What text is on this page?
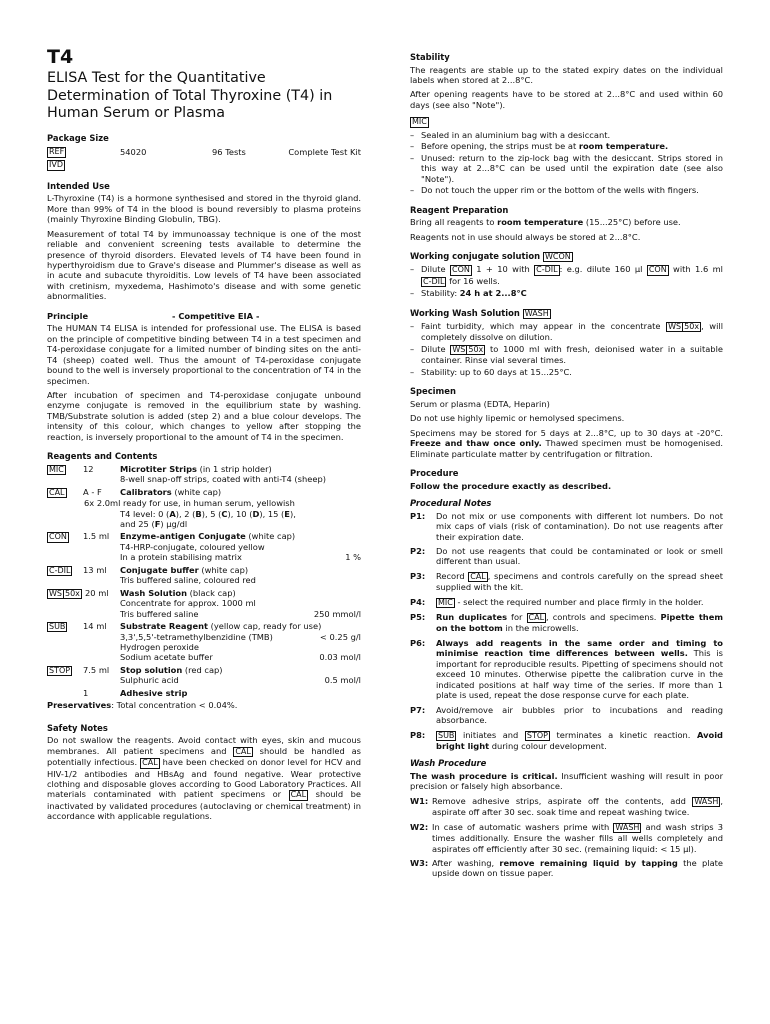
T4
ELISA Test for the Quantitative Determination of Total Thyroxine (T4) in Human Serum or Plasma
Package Size
REF	54020	96 Tests	Complete Test Kit
IVD
Intended Use

L-Thyroxine (T4) is a hormone synthesised and stored in the thyroid gland. More than 99% of T4 in the blood is bound reversibly to plasma proteins (mainly Thyroxine Binding Globulin, TBG).

Measurement of total T4 by immunoassay technique is one of the most reliable and convenient screening tests available to determine the presence of thyroid disorders. Elevated levels of T4 have been found in hyperthyroidism due to Grave's disease and Plummer's disease as well as in acute and subacute thyroiditis. Low levels of T4 have been associated with cretinism, myxedema, Hashimoto's disease and with some genetic abnormalities.

Principle	- Competitive EIA -

The HUMAN T4 ELISA is intended for professional use. The ELISA is based on the principle of competitive binding between T4 in a test specimen and T4-peroxidase conjugate for a limited number of binding sites on the anti-T4 (sheep) coated well. Thus the amount of T4-peroxidase conjugate bound to the well is inversely proportional to the concentration of T4 in the specimen.

After incubation of specimen and T4-peroxidase conjugate unbound enzyme conjugate is removed in the equilibrium state by washing. TMB/Substrate solution is added (step 2) and a blue colour develops. The intensity of this colour, which changes to yellow after stopping the reaction, is inversely proportional to the amount of T4 in the specimen.

Reagents and Contents
MIC	12	Microtiter Strips (in 1 strip holder)
8-well snap-off strips, coated with anti-T4 (sheep)
CAL	A - F	Calibrators (white cap)
6x 2.0ml ready for use, in human serum, yellowish
T4 level: 0 (A), 2 (B), 5 (C), 10 (D), 15 (E),
and 25 (F) µg/dl
CON	1.5 ml	Enzyme-antigen Conjugate (white cap)
T4-HRP-conjugate, coloured yellow
In a protein stabilising matrix	1 %
C-DIL	13 ml	Conjugate buffer (white cap)
Tris buffered saline, coloured red
WS 50x 20 ml	Wash Solution (black cap)
Concentrate for approx. 1000 ml
Tris buffered saline	250 mmol/l
SUB	14 ml	Substrate Reagent (yellow cap, ready for use)

3,3',5,5'-tetramethylbenzidine (TMB)	< 0.25 g/l
Hydrogen peroxide
Sodium acetate buffer	0.03 mol/l
STOP	7.5 ml	Stop solution (red cap)

Sulphuric acid	0.5 mol/l
1	Adhesive strip
Preservatives: Total concentration < 0.04%.
Safety Notes

Do not swallow the reagents. Avoid contact with eyes, skin and mucous membranes. All patient specimens and CAL should be handled as potentially infectious. CAL have been checked on donor level for HCV and HIV-1/2 antibodies and HBsAg and found negative. Wear protective clothing and disposable gloves according to Good Laboratory Practices. All materials contaminated with patient specimens or CAL should be inactivated by validated procedures (autoclaving or chemical treatment) in accordance with applicable regulations.

Stability

The reagents are stable up to the stated expiry dates on the individual labels when stored at 2...8°C.

After opening reagents have to be stored at 2...8°C and used within 60 days (see also "Note").

MIC
– Sealed in an aluminium bag with a desiccant.
– Before opening, the strips must be at room temperature.
– Unused: return to the zip-lock bag with the desiccant. Strips stored in this way at 2...8°C can be used until the expiration date (see also "Note").
– Do not touch the upper rim or the bottom of the wells with fingers.
Reagent Preparation

Bring all reagents to room temperature (15...25°C) before use.

Reagents not in use should always be stored at 2...8°C.

Working conjugate solution WCON
– Dilute CON 1 + 10 with C-DIL : e.g. dilute 160 µl CON with 1.6 ml C-DIL for 16 wells.
– Stability: 24 h at 2...8°C
Working Wash Solution WASH
– Faint turbidity, which may appear in the concentrate WS 50x , will completely dissolve on dilution.
– Dilute WS 50x to 1000 ml with fresh, deionised water in a suitable container. Rinse vial several times.
– Stability: up to 60 days at 15...25°C.
Specimen

Serum or plasma (EDTA, Heparin)

Do not use highly lipemic or hemolysed specimens.

Specimens may be stored for 5 days at 2...8°C, up to 30 days at -20°C. Freeze and thaw once only. Thawed specimen must be homogenised. Eliminate particulate matter by centrifugation or filtration.

Procedure
Follow the procedure exactly as described.
Procedural Notes
P1:	Do not mix or use components with different lot numbers. Do not mix caps of vials (risk of contamination). Do not use reagents after their expiration date.
P2:	Do not use reagents that could be contaminated or look or smell different than usual.
P3:	Record CAL , specimens and controls carefully on the spread sheet supplied with the kit.
P4:	MIC - select the required number and place firmly in the holder.
P5:	Run duplicates for CAL , controls and specimens. Pipette them on the bottom in the microwells.
P6:	Always add reagents in the same order and timing to minimise reaction time differences between wells. This is important for reproducible results. Pipetting of specimens should not exceed 10 minutes. Otherwise pipette the calibration curve in the indicated positions at half way time of the series. If more than 1 plate is used, repeat the dose response curve for each plate.
P7:	Avoid/remove air bubbles prior to incubations and reading absorbance.
P8:	SUB initiates and STOP terminates a kinetic reaction. Avoid bright light during colour development.
Wash Procedure

The wash procedure is critical. Insufficient washing will result in poor precision or falsely high absorbance.

W1: Remove adhesive strips, aspirate off the contents, add WASH , aspirate off after 30 sec. soak time and repeat washing twice.
W2: In case of automatic washers prime with WASH and wash strips 3 times additionally. Ensure the washer fills all wells completely and aspirates off efficiently after 30 sec. (remaining liquid: < 15 µl).
W3: After washing, remove remaining liquid by tapping the plate upside down on tissue paper.
